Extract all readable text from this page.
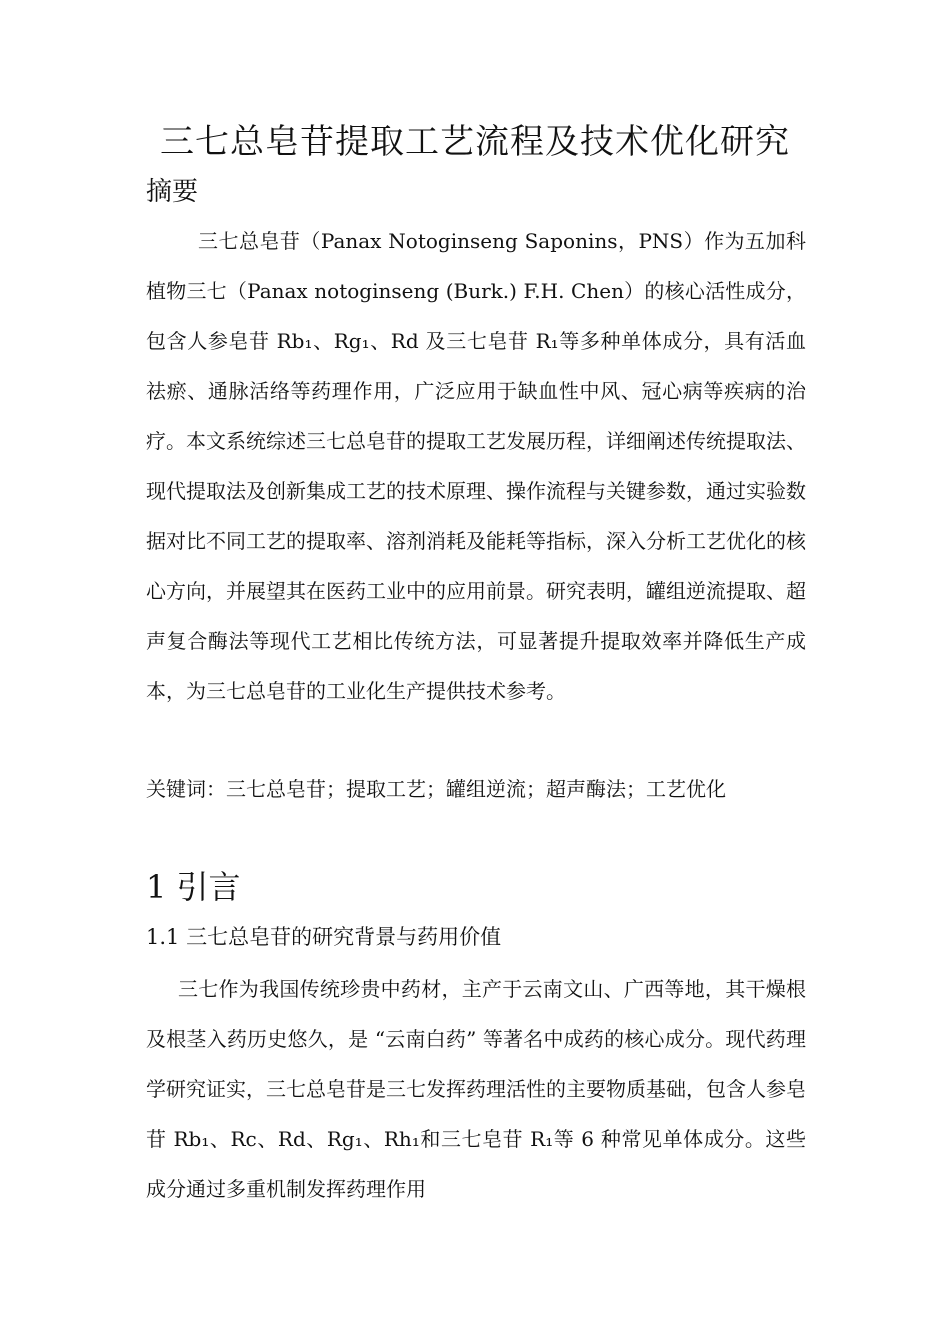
三七总皂苷提取工艺流程及技术优化研究
摘要

三七总皂苷（Panax Notoginseng Saponins，PNS）作为五加科植物三七（Panax notoginseng (Burk.) F.H. Chen）的核心活性成分，包含人参皂苷 Rb₁、Rg₁、Rd 及三七皂苷 R₁等多种单体成分，具有活血祛瘀、通脉活络等药理作用，广泛应用于缺血性中风、冠心病等疾病的治疗。本文系统综述三七总皂苷的提取工艺发展历程，详细阐述传统提取法、现代提取法及创新集成工艺的技术原理、操作流程与关键参数，通过实验数据对比不同工艺的提取率、溶剂消耗及能耗等指标，深入分析工艺优化的核心方向，并展望其在医药工业中的应用前景。研究表明，罐组逆流提取、超声复合酶法等现代工艺相比传统方法，可显著提升提取效率并降低生产成本，为三七总皂苷的工业化生产提供技术参考。

关键词：三七总皂苷；提取工艺；罐组逆流；超声酶法；工艺优化

1 引言
1.1 三七总皂苷的研究背景与药用价值

三七作为我国传统珍贵中药材，主产于云南文山、广西等地，其干燥根及根茎入药历史悠久，是 “云南白药” 等著名中成药的核心成分。现代药理学研究证实，三七总皂苷是三七发挥药理活性的主要物质基础，包含人参皂苷 Rb₁、Rc、Rd、Rg₁、Rh₁和三七皂苷 R₁等 6 种常见单体成分。这些成分通过多重机制发挥药理作用
